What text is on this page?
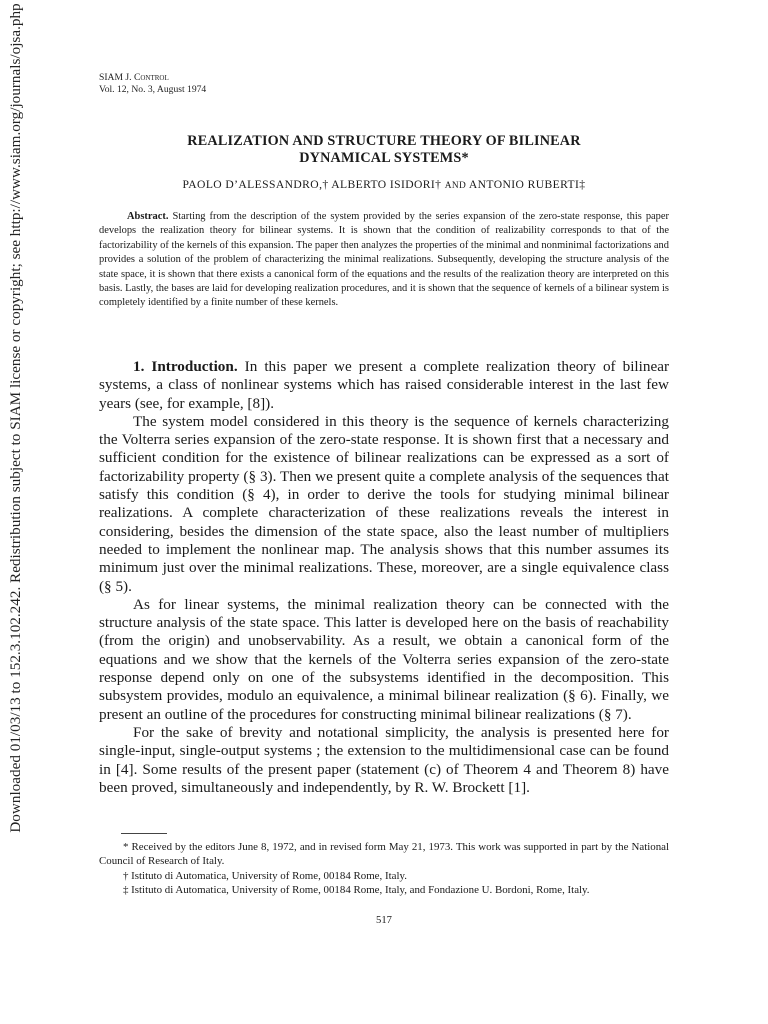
Downloaded 01/03/13 to 152.3.102.242. Redistribution subject to SIAM license or copyright; see http://www.siam.org/journals/ojsa.php	SIAM J. Control
Vol. 12, No. 3, August 1974
REALIZATION AND STRUCTURE THEORY OF BILINEAR
DYNAMICAL SYSTEMS*
PAOLO D’ALESSANDRO,† ALBERTO ISIDORI† AND ANTONIO RUBERTI‡
Abstract. Starting from the description of the system provided by the series expansion of the zero-state response, this paper develops the realization theory for bilinear systems. It is shown that the condition of realizability corresponds to that of the factorizability of the kernels of this expansion. The paper then analyzes the properties of the minimal and nonminimal factorizations and provides a solution of the problem of characterizing the minimal realizations. Subsequently, developing the structure analysis of the state space, it is shown that there exists a canonical form of the equations and the results of the realization theory are interpreted on this basis. Lastly, the bases are laid for developing realization procedures, and it is shown that the sequence of kernels of a bilinear system is completely identified by a finite number of these kernels.

1. Introduction. In this paper we present a complete realization theory of bilinear systems, a class of nonlinear systems which has raised considerable interest in the last few years (see, for example, [8]).

The system model considered in this theory is the sequence of kernels characterizing the Volterra series expansion of the zero-state response. It is shown first that a necessary and sufficient condition for the existence of bilinear realizations can be expressed as a sort of factorizability property (§ 3). Then we present quite a complete analysis of the sequences that satisfy this condition (§ 4), in order to derive the tools for studying minimal bilinear realizations. A complete characterization of these realizations reveals the interest in considering, besides the dimension of the state space, also the least number of multipliers needed to implement the nonlinear map. The analysis shows that this number assumes its minimum just over the minimal realizations. These, moreover, are a single equivalence class (§ 5).

As for linear systems, the minimal realization theory can be connected with the structure analysis of the state space. This latter is developed here on the basis of reachability (from the origin) and unobservability. As a result, we obtain a canonical form of the equations and we show that the kernels of the Volterra series expansion of the zero-state response depend only on one of the subsystems identified in the decomposition. This subsystem provides, modulo an equivalence, a minimal bilinear realization (§ 6). Finally, we present an outline of the procedures for constructing minimal bilinear realizations (§ 7).

For the sake of brevity and notational simplicity, the analysis is presented here for single-input, single-output systems ; the extension to the multidimensional case can be found in [4]. Some results of the present paper (statement (c) of Theorem 4 and Theorem 8) have been proved, simultaneously and independently, by R. W. Brockett [1].

* Received by the editors June 8, 1972, and in revised form May 21, 1973. This work was supported in part by the National Council of Research of Italy.

† Istituto di Automatica, University of Rome, 00184 Rome, Italy.

‡ Istituto di Automatica, University of Rome, 00184 Rome, Italy, and Fondazione U. Bordoni, Rome, Italy.

517
